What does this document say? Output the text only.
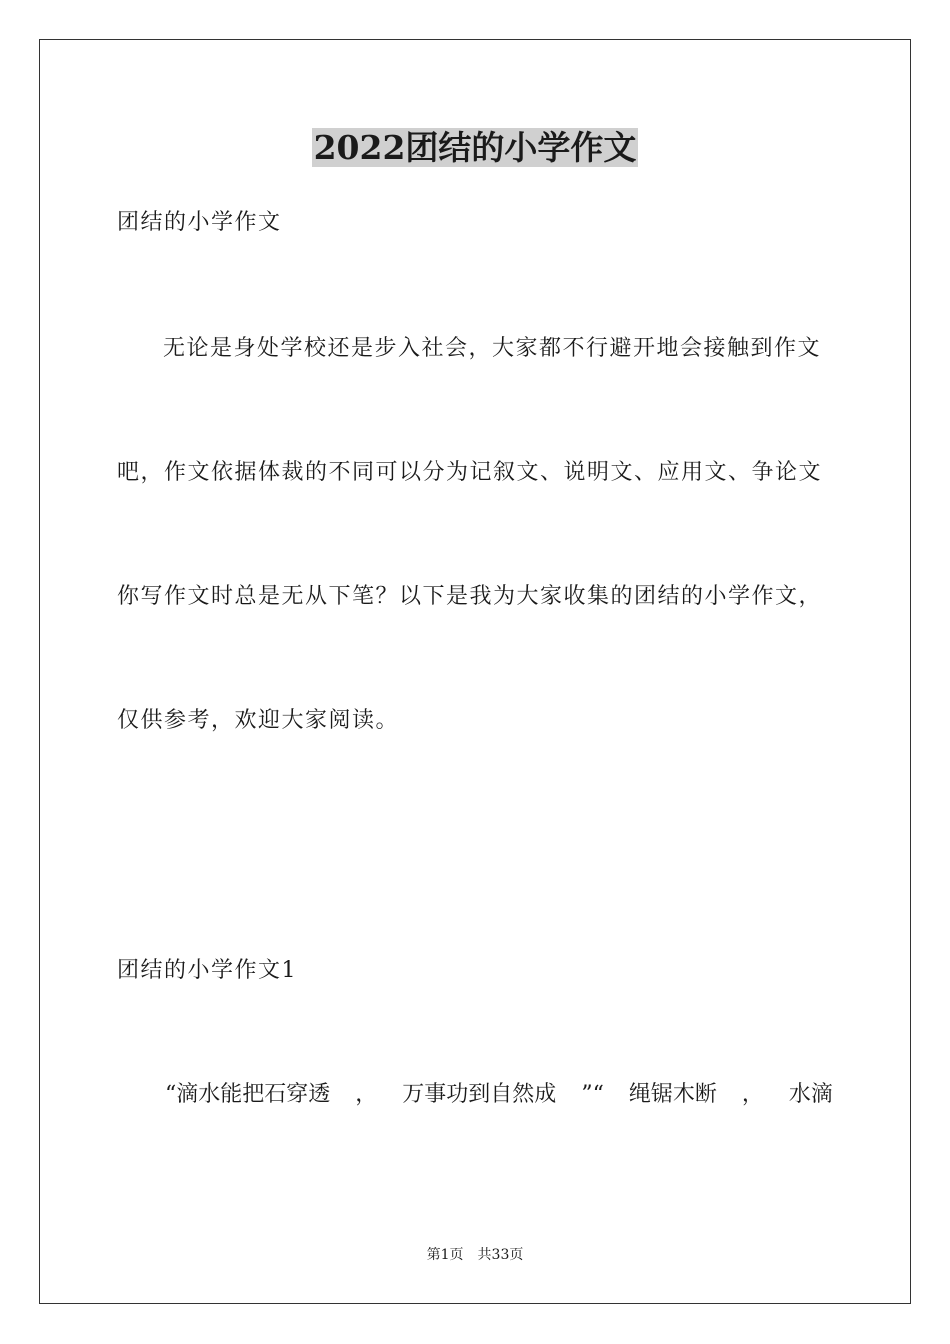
2022团结的小学作文
团结的小学作文
无论是身处学校还是步入社会，大家都不行避开地会接触到作文
吧，作文依据体裁的不同可以分为记叙文、说明文、应用文、争论文
你写作文时总是无从下笔？以下是我为大家收集的团结的小学作文，
仅供参考，欢迎大家阅读。
团结的小学作文1
“滴水能把石穿透 ， 万事功到自然成 ”“ 绳锯木断 ， 水滴
第1页　共33页
